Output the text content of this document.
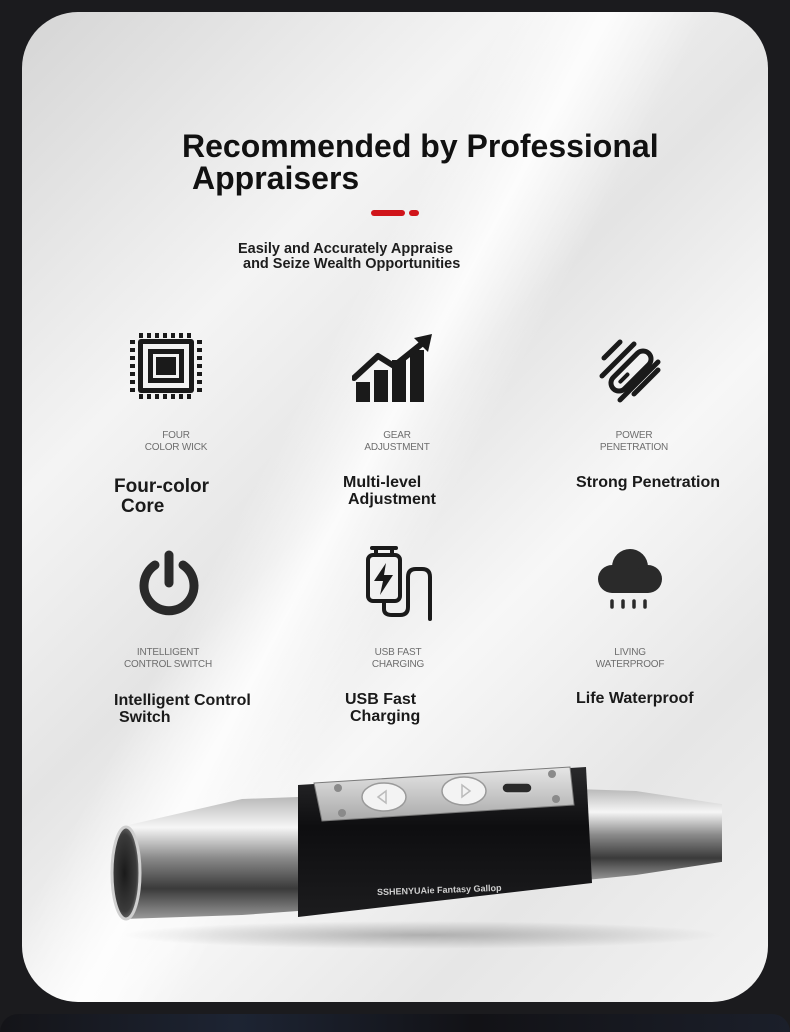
Recommended by Professional
Appraisers
Easily and Accurately Appraise
and Seize Wealth Opportunities
FOUR
COLOR WICK
Four-color
Core
GEAR
ADJUSTMENT
Multi-level
Adjustment
POWER
PENETRATION
Strong Penetration
INTELLIGENT
CONTROL SWITCH
Intelligent Control
Switch
USB FAST
CHARGING
USB Fast
Charging
LIVING
WATERPROOF
Life Waterproof
SSHENYUAie Fantasy Gallop
